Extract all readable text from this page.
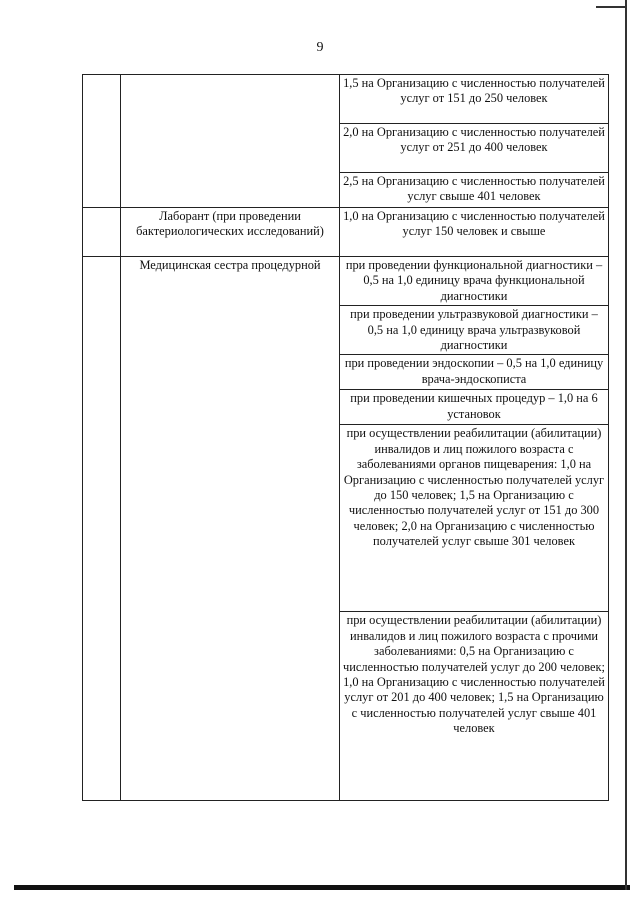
9
		1,5 на Организацию с численностью получателей услуг от 151 до 250 человек
		2,0 на Организацию с численностью получателей услуг от 251 до 400 человек
		2,5 на Организацию с численностью получателей услуг свыше 401 человек
	Лаборант (при проведении бактериологических исследований)	1,0 на Организацию с численностью получателей услуг 150 человек и свыше
	Медицинская сестра процедурной	при проведении функциональной диагностики – 0,5 на 1,0 единицу врача функциональной диагностики
		при проведении ультразвуковой диагностики – 0,5 на 1,0 единицу врача ультразвуковой диагностики
		при проведении эндоскопии – 0,5 на 1,0 единицу врача-эндоскописта
		при проведении кишечных процедур – 1,0 на 6 установок
		при осуществлении реабилитации (абилитации) инвалидов и лиц пожилого возраста с заболеваниями органов пищеварения: 1,0 на Организацию с численностью получателей услуг до 150 человек; 1,5 на Организацию с численностью получателей услуг от 151 до 300 человек; 2,0 на Организацию с численностью получателей услуг свыше 301 человек
		при осуществлении реабилитации (абилитации) инвалидов и лиц пожилого возраста с прочими заболеваниями: 0,5 на Организацию с численностью получателей услуг до 200 человек; 1,0 на Организацию с численностью получателей услуг от 201 до 400 человек; 1,5 на Организацию с численностью получателей услуг свыше 401 человек
